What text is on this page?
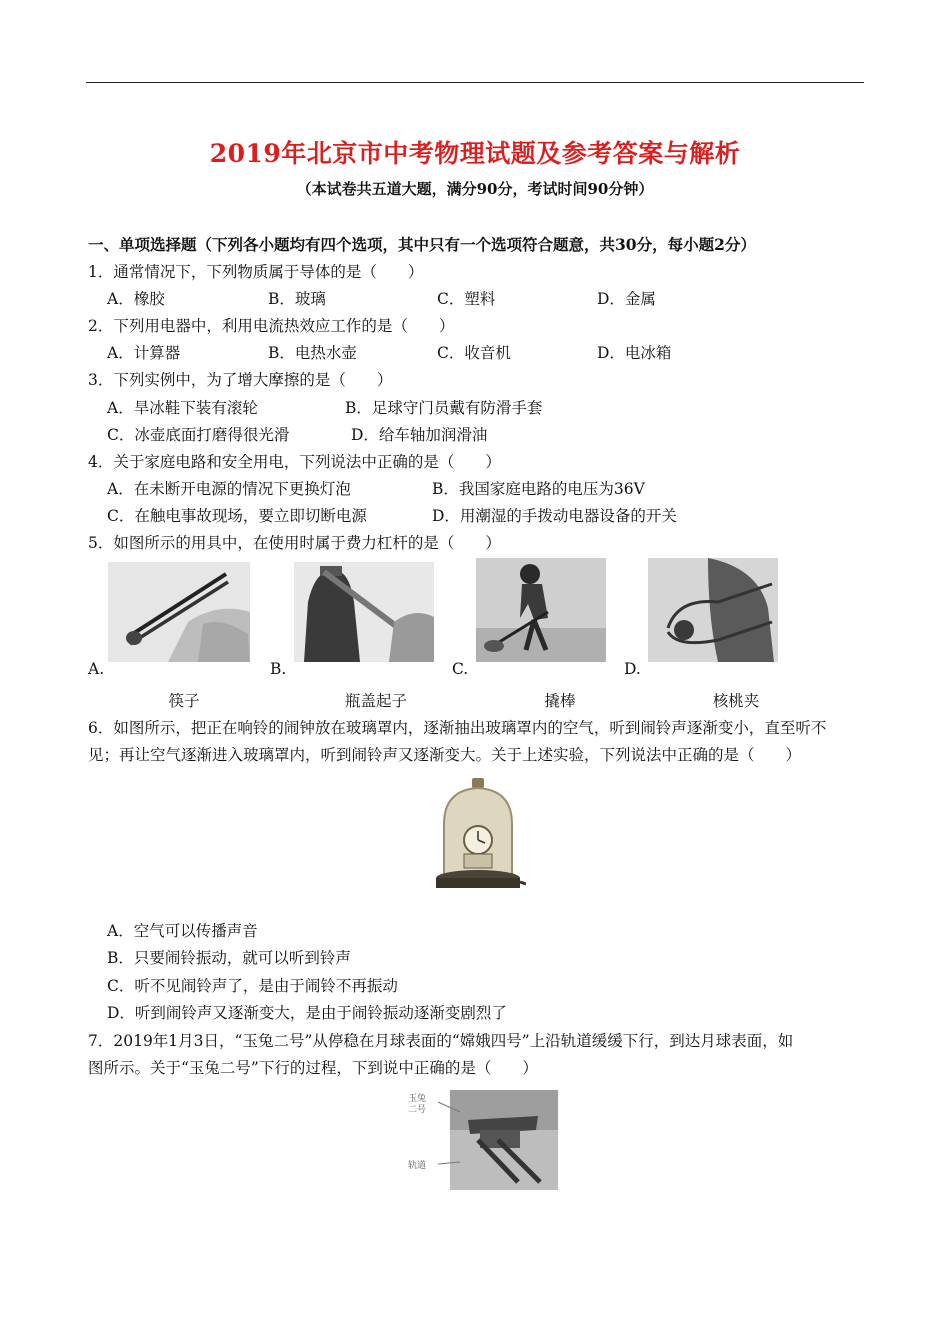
2019年北京市中考物理试题及参考答案与解析
（本试卷共五道大题，满分90分，考试时间90分钟）
一、单项选择题（下列各小题均有四个选项，其中只有一个选项符合题意，共30分，每小题2分）
1．通常情况下，下列物质属于导体的是（　　）
A．橡胶	B．玻璃	C．塑料	D．金属
2．下列用电器中，利用电流热效应工作的是（　　）
A．计算器	B．电热水壶	C．收音机	D．电冰箱
3．下列实例中，为了增大摩擦的是（　　）
A．旱冰鞋下装有滚轮	B．足球守门员戴有防滑手套
C．冰壶底面打磨得很光滑	D．给车轴加润滑油
4．关于家庭电路和安全用电，下列说法中正确的是（　　）
A．在未断开电源的情况下更换灯泡	B．我国家庭电路的电压为36V
C．在触电事故现场，要立即切断电源	D．用潮湿的手拨动电器设备的开关
5．如图所示的用具中，在使用时属于费力杠杆的是（　　）
A.
筷子
B.
瓶盖起子
C.
撬棒
D.
核桃夹
6．如图所示，把正在响铃的闹钟放在玻璃罩内，逐渐抽出玻璃罩内的空气，听到闹铃声逐渐变小，直至听不
见；再让空气逐渐进入玻璃罩内，听到闹铃声又逐渐变大。关于上述实验，下列说法中正确的是（　　）
A．空气可以传播声音
B．只要闹铃振动，就可以听到铃声
C．听不见闹铃声了，是由于闹铃不再振动
D．听到闹铃声又逐渐变大，是由于闹铃振动逐渐变剧烈了
7．2019年1月3日，“玉兔二号”从停稳在月球表面的“嫦娥四号”上沿轨道缓缓下行，到达月球表面，如
图所示。关于“玉兔二号”下行的过程，下到说中正确的是（　　）
玉兔二号
轨道
